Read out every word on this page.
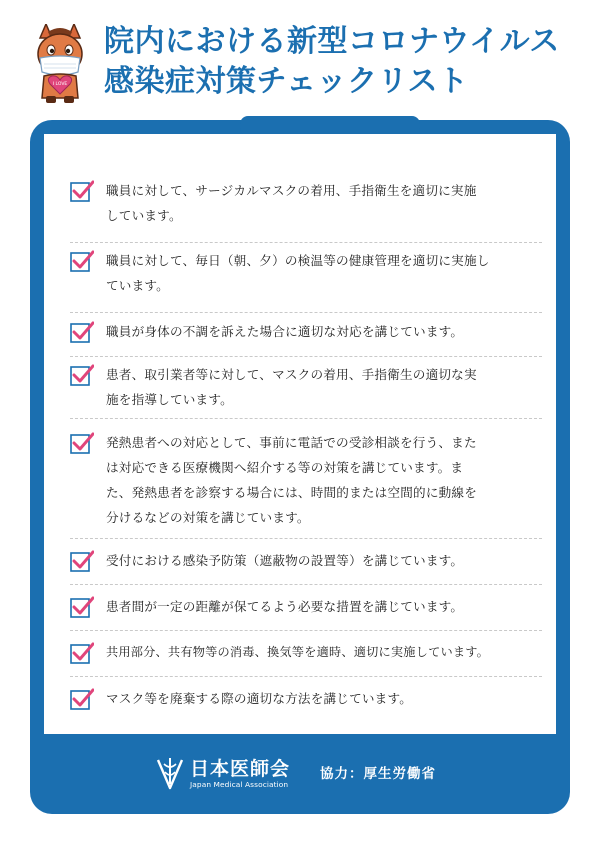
I LOVE
院内における新型コロナウイルス
感染症対策チェックリスト
職員に対して、サージカルマスクの着用、手指衛生を適切に実施
しています。
職員に対して、毎日（朝、夕）の検温等の健康管理を適切に実施し
ています。
職員が身体の不調を訴えた場合に適切な対応を講じています。
患者、取引業者等に対して、マスクの着用、手指衛生の適切な実
施を指導しています。
発熱患者への対応として、事前に電話での受診相談を行う、また
は対応できる医療機関へ紹介する等の対策を講じています。ま
た、発熱患者を診察する場合には、時間的または空間的に動線を
分けるなどの対策を講じています。
受付における感染予防策（遮蔽物の設置等）を講じています。
患者間が一定の距離が保てるよう必要な措置を講じています。
共用部分、共有物等の消毒、換気等を適時、適切に実施しています。
マスク等を廃棄する際の適切な方法を講じています。
日本医師会
Japan Medical Association
協力：厚生労働省
